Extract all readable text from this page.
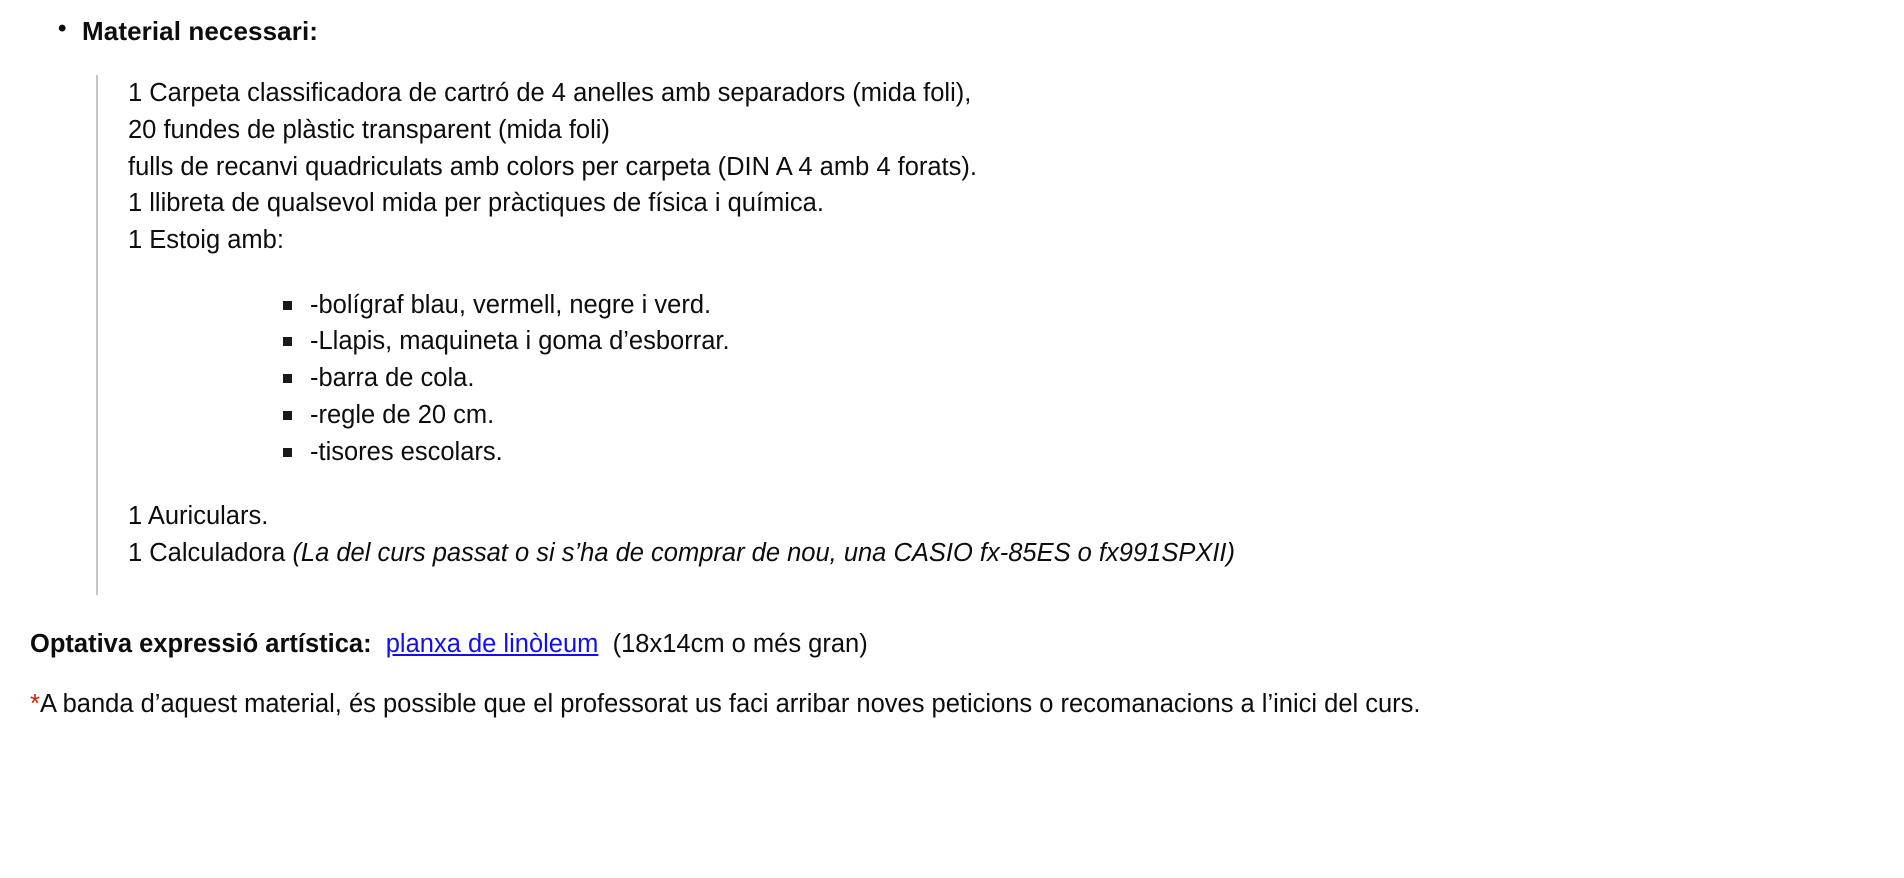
• Material necessari:
1 Carpeta classificadora de cartró de 4 anelles amb separadors (mida foli),
20 fundes de plàstic transparent (mida foli)
fulls de recanvi quadriculats amb colors per carpeta (DIN A 4 amb 4 forats).
1 llibreta de qualsevol mida per pràctiques de física i química.
1 Estoig amb:
-bolígraf blau, vermell, negre i verd.
-Llapis, maquineta i goma d’esborrar.
-barra de cola.
-regle de 20 cm.
-tisores escolars.
1 Auriculars.
1 Calculadora (La del curs passat o si s’ha de comprar de nou, una CASIO fx-85ES o fx991SPXII)
Optativa expressió artística: planxa de linòleum (18x14cm o més gran)
*A banda d’aquest material, és possible que el professorat us faci arribar noves peticions o recomanacions a l’inici del curs.
